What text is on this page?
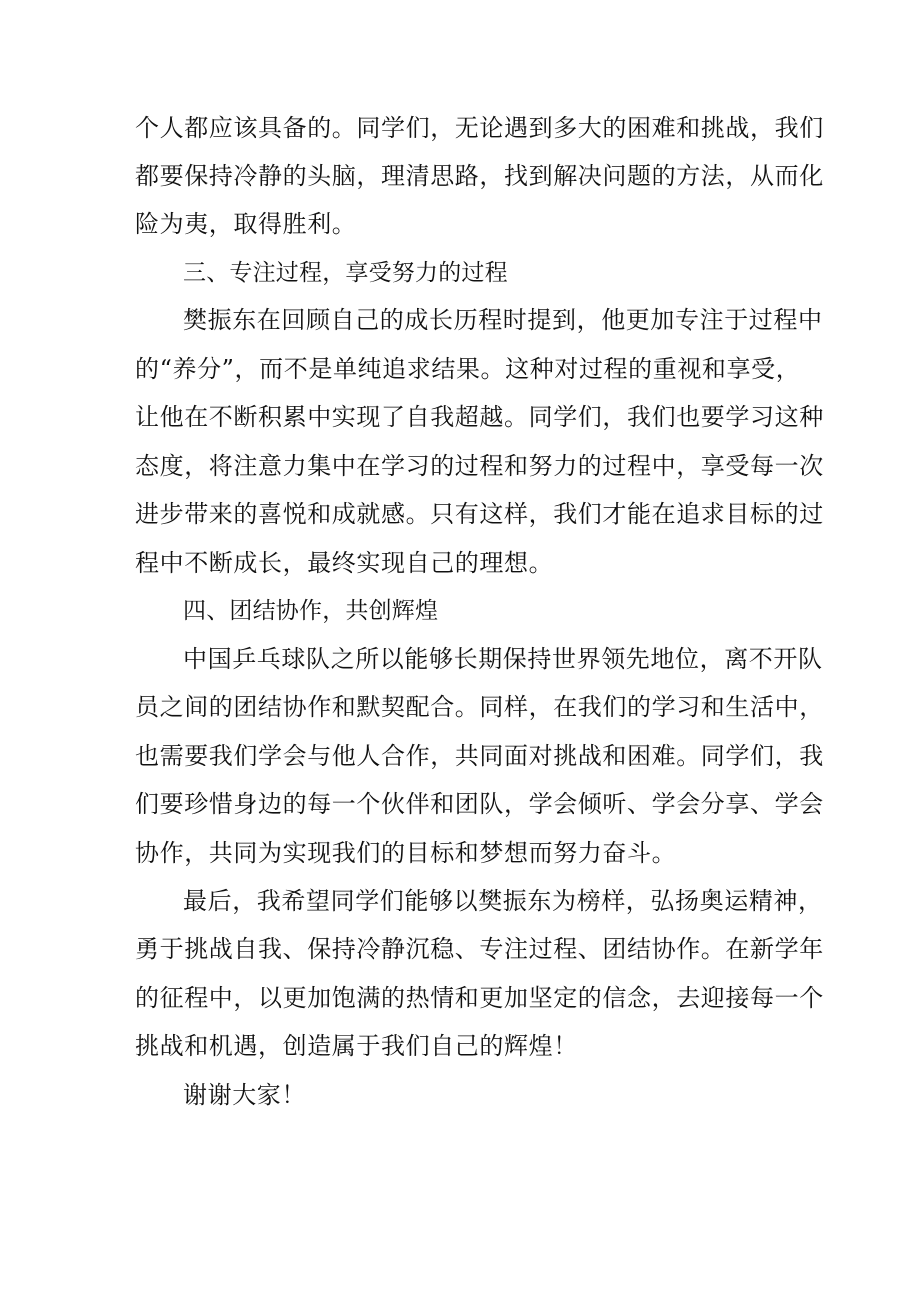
个人都应该具备的。同学们，无论遇到多大的困难和挑战，我们
都要保持冷静的头脑，理清思路，找到解决问题的方法，从而化
险为夷，取得胜利。
三、专注过程，享受努力的过程
樊振东在回顾自己的成长历程时提到，他更加专注于过程中
的“养分”，而不是单纯追求结果。这种对过程的重视和享受，
让他在不断积累中实现了自我超越。同学们，我们也要学习这种
态度，将注意力集中在学习的过程和努力的过程中，享受每一次
进步带来的喜悦和成就感。只有这样，我们才能在追求目标的过
程中不断成长，最终实现自己的理想。
四、团结协作，共创辉煌
中国乒乓球队之所以能够长期保持世界领先地位，离不开队
员之间的团结协作和默契配合。同样，在我们的学习和生活中，
也需要我们学会与他人合作，共同面对挑战和困难。同学们，我
们要珍惜身边的每一个伙伴和团队，学会倾听、学会分享、学会
协作，共同为实现我们的目标和梦想而努力奋斗。
最后，我希望同学们能够以樊振东为榜样，弘扬奥运精神，
勇于挑战自我、保持冷静沉稳、专注过程、团结协作。在新学年
的征程中，以更加饱满的热情和更加坚定的信念，去迎接每一个
挑战和机遇，创造属于我们自己的辉煌！
谢谢大家！
